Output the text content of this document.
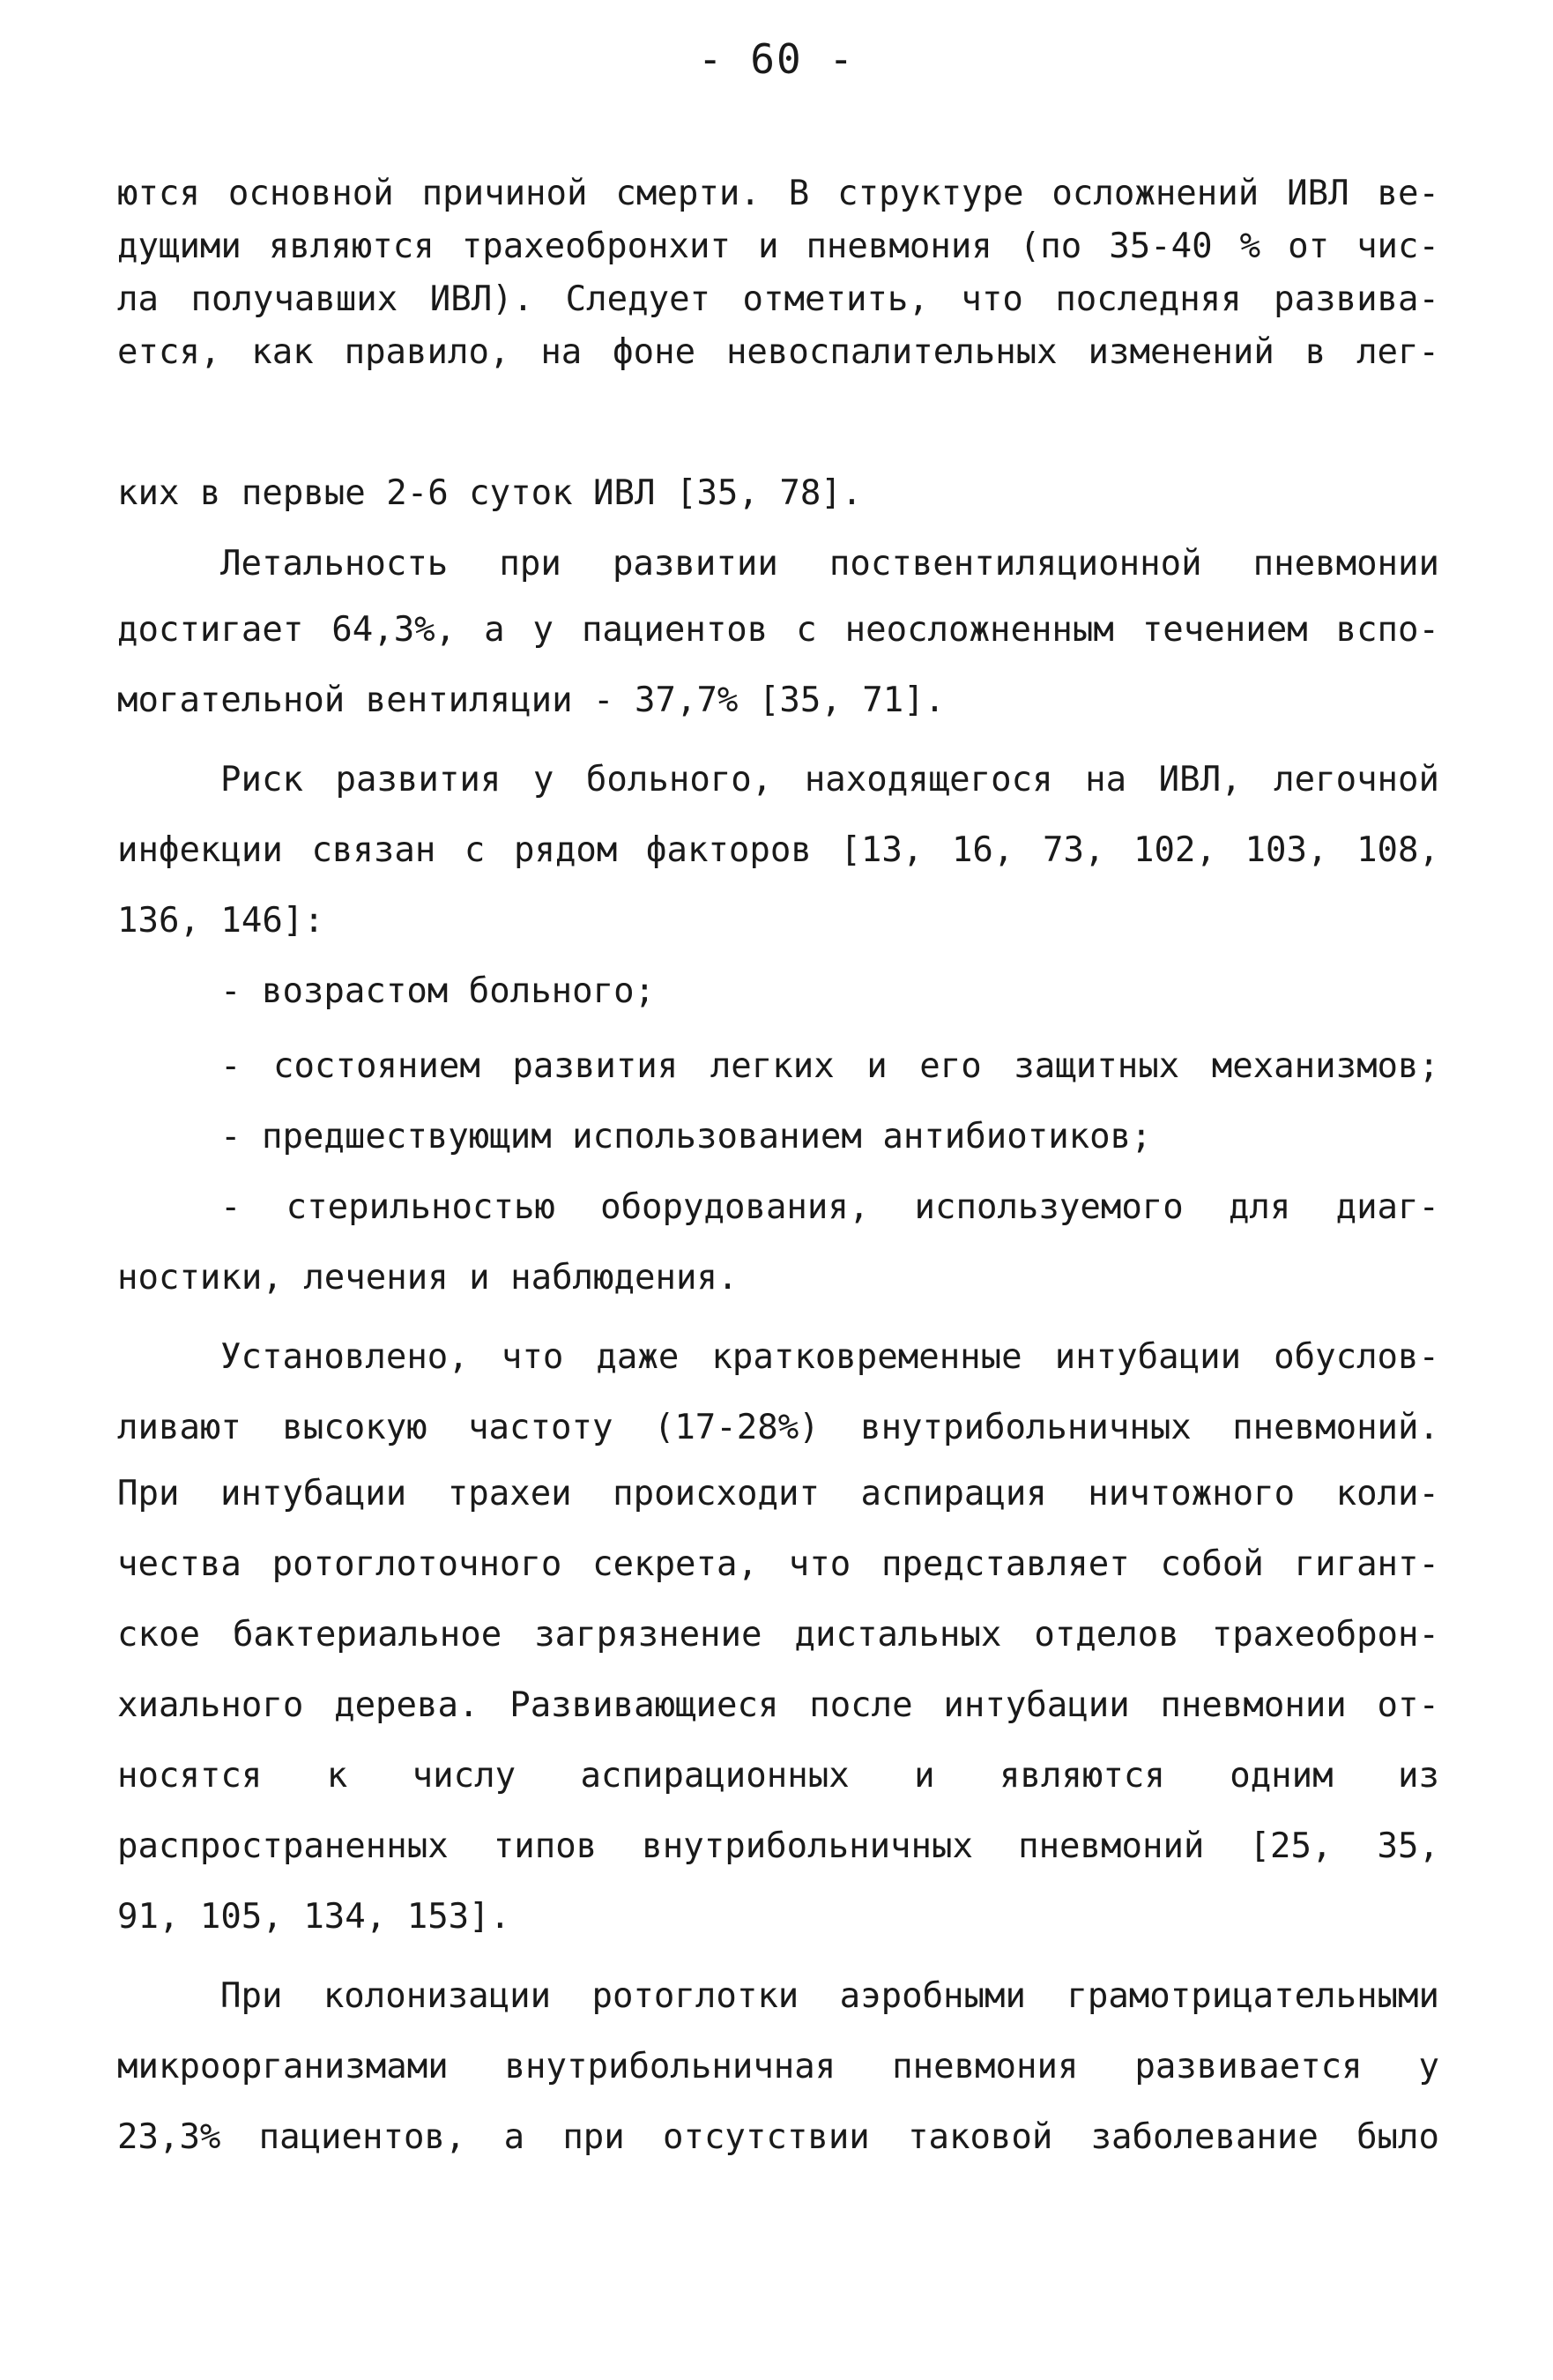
- 60 -
ются основной причиной смерти. В структуре осложнений ИВЛ ве-
дущими являются трахеобронхит и пневмония (по 35-40 % от чис-
ла получавших ИВЛ). Следует отметить, что последняя развива-
ется, как правило, на фоне невоспалительных изменений в лег-
ких в первые 2-6 суток ИВЛ [35, 78].
Летальность при развитии поствентиляционной пневмонии
достигает 64,3%, а у пациентов с неосложненным течением вспо-
могательной вентиляции - 37,7% [35, 71].
Риск развития у больного, находящегося на ИВЛ, легочной
инфекции связан с рядом факторов [13, 16, 73, 102, 103, 108,
136, 146]:
- возрастом больного;
- состоянием развития легких и его защитных механизмов;
- предшествующим использованием антибиотиков;
- стерильностью оборудования, используемого для диаг-
ностики, лечения и наблюдения.
Установлено, что даже кратковременные интубации обуслов-
ливают высокую частоту (17-28%) внутрибольничных пневмоний.
При интубации трахеи происходит аспирация ничтожного коли-
чества ротоглоточного секрета, что представляет собой гигант-
ское бактериальное загрязнение дистальных отделов трахеоброн-
хиального дерева. Развивающиеся после интубации пневмонии от-
носятся к числу аспирационных и являются одним из
распространенных типов внутрибольничных пневмоний [25, 35,
91, 105, 134, 153].
При колонизации ротоглотки аэробными грамотрицательными
микроорганизмами внутрибольничная пневмония развивается у
23,3% пациентов, а при отсутствии таковой заболевание было
